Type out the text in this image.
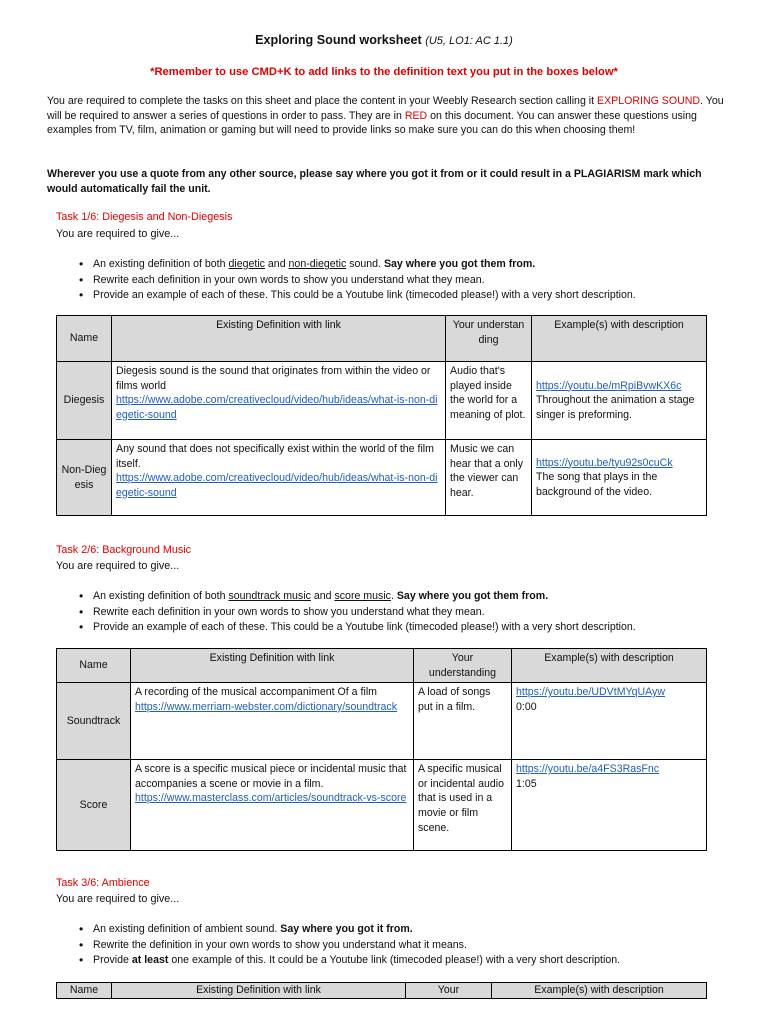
Exploring Sound worksheet (U5, LO1: AC 1.1)
*Remember to use CMD+K to add links to the definition text you put in the boxes below*
You are required to complete the tasks on this sheet and place the content in your Weebly Research section calling it EXPLORING SOUND. You will be required to answer a series of questions in order to pass. They are in RED on this document. You can answer these questions using examples from TV, film, animation or gaming but will need to provide links so make sure you can do this when choosing them!
Wherever you use a quote from any other source, please say where you got it from or it could result in a PLAGIARISM mark which would automatically fail the unit.
Task 1/6: Diegesis and Non-Diegesis
You are required to give...
• An existing definition of both diegetic and non-diegetic sound. Say where you got them from.
• Rewrite each definition in your own words to show you understand what they mean.
• Provide an example of each of these. This could be a Youtube link (timecoded please!) with a very short description.
Name	Existing Definition with link	Your understanding	Example(s) with description
Diegesis	Diegesis sound is the sound that originates from within the video or films world
https://www.adobe.com/creativecloud/video/hub/ideas/what-is-non-diegetic-sound	Audio that's played inside the world for a meaning of plot.	https://youtu.be/mRpiBvwKX6c
Throughout the animation a stage singer is preforming.

Non-Diegesis	Any sound that does not specifically exist within the world of the film itself.
https://www.adobe.com/creativecloud/video/hub/ideas/what-is-non-diegetic-sound	Music we can hear that a only the viewer can hear.	https://youtu.be/tyu92s0cuCk
The song that plays in the background of the video.
Task 2/6: Background Music
You are required to give...
• An existing definition of both soundtrack music and score music. Say where you got them from.
• Rewrite each definition in your own words to show you understand what they mean.
• Provide an example of each of these. This could be a Youtube link (timecoded please!) with a very short description.
Name	Existing Definition with link	Your understanding	Example(s) with description
Soundtrack	A recording of the musical accompaniment Of a film
https://www.merriam-webster.com/dictionary/soundtrack	A load of songs put in a film.	https://youtu.be/UDVtMYqUAyw
0:00

Score	A score is a specific musical piece or incidental music that accompanies a scene or movie in a film.
https://www.masterclass.com/articles/soundtrack-vs-score	A specific musical or incidental audio that is used in a movie or film scene.	https://youtu.be/a4FS3RasFnc
1:05
Task 3/6: Ambience
You are required to give...
• An existing definition of ambient sound. Say where you got it from.
• Rewrite the definition in your own words to show you understand what it means.
• Provide at least one example of this. It could be a Youtube link (timecoded please!) with a very short description.
Name	Existing Definition with link	Your	Example(s) with description
